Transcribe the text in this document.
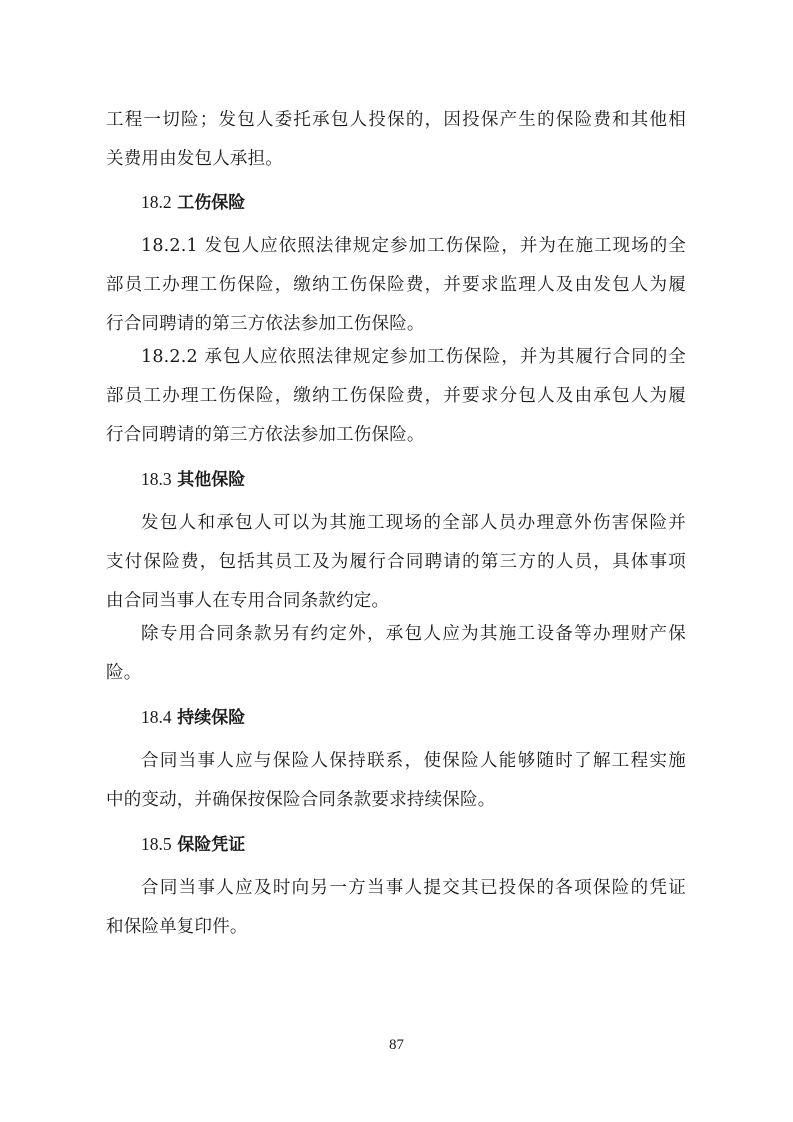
工程一切险；发包人委托承包人投保的，因投保产生的保险费和其他相
关费用由发包人承担。
18.2 工伤保险
18.2.1 发包人应依照法律规定参加工伤保险，并为在施工现场的全
部员工办理工伤保险，缴纳工伤保险费，并要求监理人及由发包人为履
行合同聘请的第三方依法参加工伤保险。
18.2.2 承包人应依照法律规定参加工伤保险，并为其履行合同的全
部员工办理工伤保险，缴纳工伤保险费，并要求分包人及由承包人为履
行合同聘请的第三方依法参加工伤保险。
18.3 其他保险
发包人和承包人可以为其施工现场的全部人员办理意外伤害保险并
支付保险费，包括其员工及为履行合同聘请的第三方的人员，具体事项
由合同当事人在专用合同条款约定。
除专用合同条款另有约定外，承包人应为其施工设备等办理财产保
险。
18.4 持续保险
合同当事人应与保险人保持联系，使保险人能够随时了解工程实施
中的变动，并确保按保险合同条款要求持续保险。
18.5 保险凭证
合同当事人应及时向另一方当事人提交其已投保的各项保险的凭证
和保险单复印件。
87
